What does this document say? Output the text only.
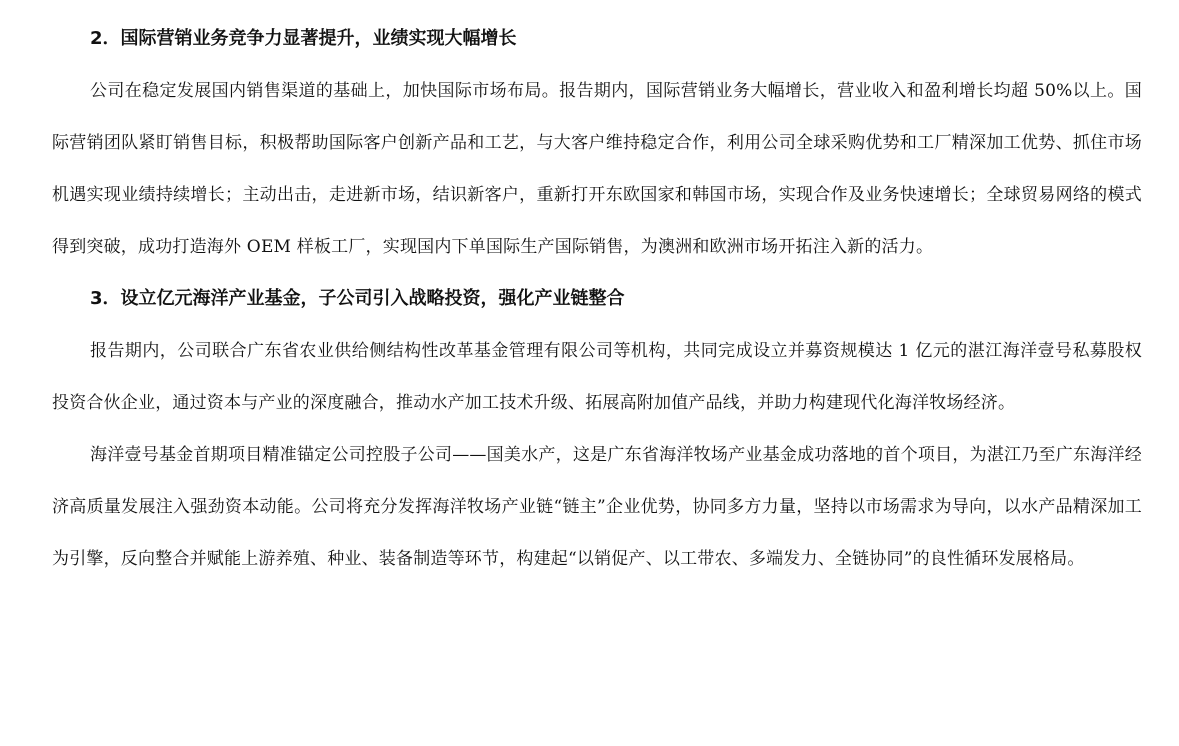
2．国际营销业务竞争力显著提升，业绩实现大幅增长

公司在稳定发展国内销售渠道的基础上，加快国际市场布局。报告期内，国际营销业务大幅增长，营业收入和盈利增长均超 50%以上。国际营销团队紧盯销售目标，积极帮助国际客户创新产品和工艺，与大客户维持稳定合作，利用公司全球采购优势和工厂精深加工优势、抓住市场机遇实现业绩持续增长；主动出击，走进新市场，结识新客户，重新打开东欧国家和韩国市场，实现合作及业务快速增长；全球贸易网络的模式得到突破，成功打造海外 OEM 样板工厂，实现国内下单国际生产国际销售，为澳洲和欧洲市场开拓注入新的活力。

3．设立亿元海洋产业基金，子公司引入战略投资，强化产业链整合

报告期内，公司联合广东省农业供给侧结构性改革基金管理有限公司等机构，共同完成设立并募资规模达 1 亿元的湛江海洋壹号私募股权投资合伙企业，通过资本与产业的深度融合，推动水产加工技术升级、拓展高附加值产品线，并助力构建现代化海洋牧场经济。

海洋壹号基金首期项目精准锚定公司控股子公司——国美水产，这是广东省海洋牧场产业基金成功落地的首个项目，为湛江乃至广东海洋经济高质量发展注入强劲资本动能。公司将充分发挥海洋牧场产业链“链主”企业优势，协同多方力量，坚持以市场需求为导向，以水产品精深加工为引擎，反向整合并赋能上游养殖、种业、装备制造等环节，构建起“以销促产、以工带农、多端发力、全链协同”的良性循环发展格局。
